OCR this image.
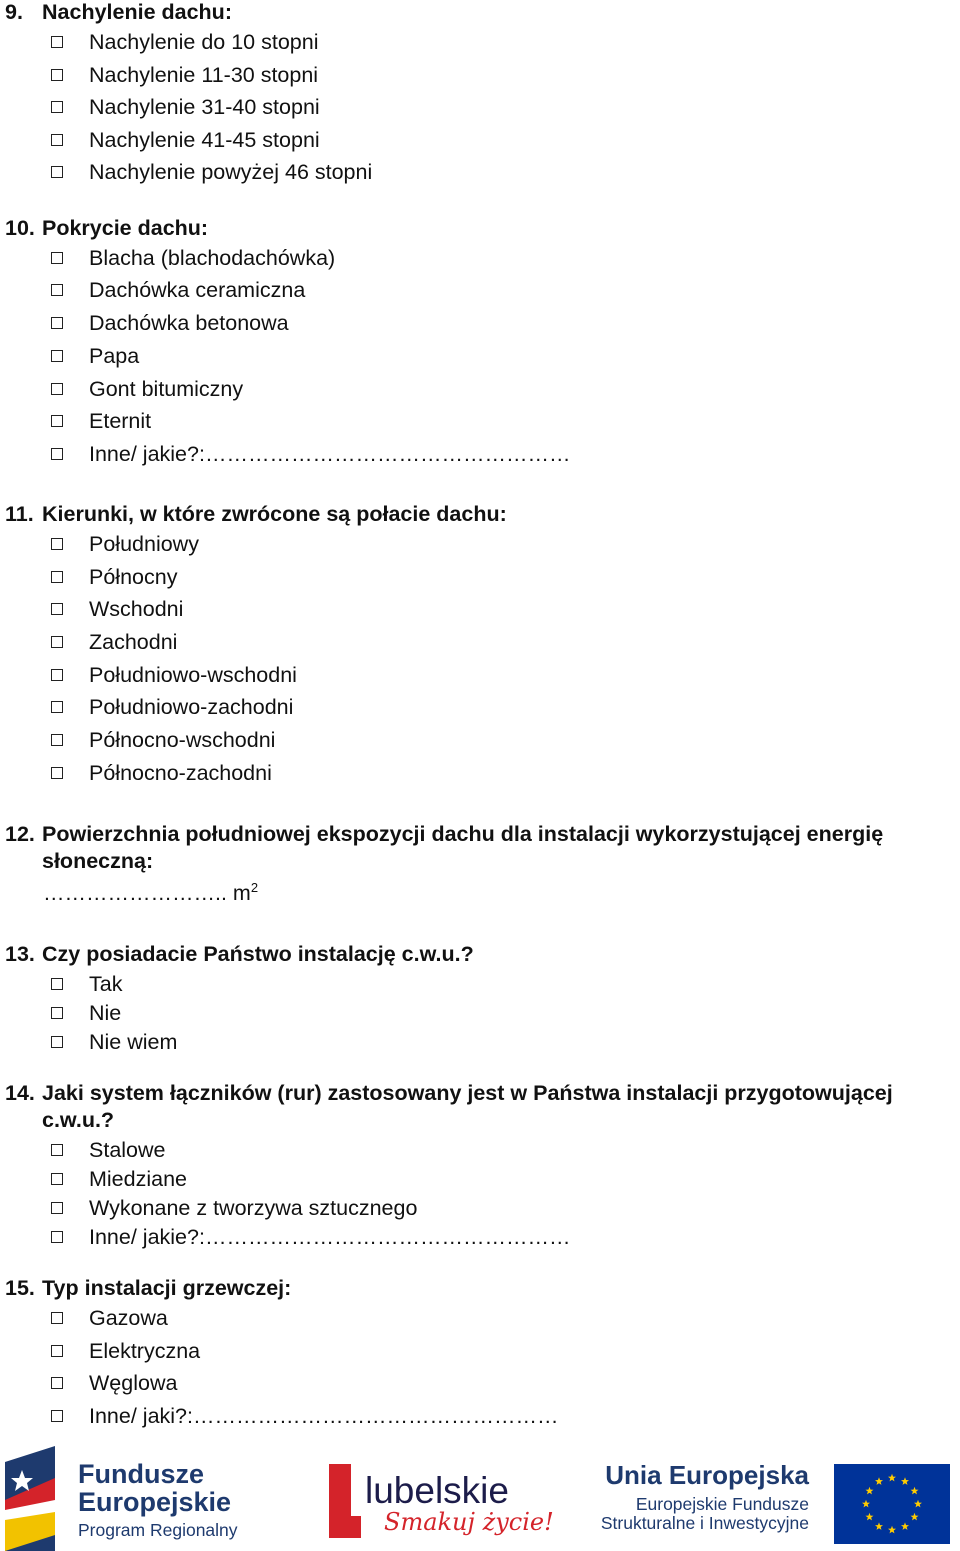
9. Nachylenie dachu:
Nachylenie do 10 stopni
Nachylenie 11-30 stopni
Nachylenie 31-40 stopni
Nachylenie 41-45 stopni
Nachylenie powyżej 46 stopni
10. Pokrycie dachu:
Blacha (blachodachówka)
Dachówka ceramiczna
Dachówka betonowa
Papa
Gont bitumiczny
Eternit
Inne/ jakie?:……………………………………………
11. Kierunki, w które zwrócone są połacie dachu:
Południowy
Północny
Wschodni
Zachodni
Południowo-wschodni
Południowo-zachodni
Północno-wschodni
Północno-zachodni
12. Powierzchnia południowej ekspozycji dachu dla instalacji wykorzystującej energię słoneczną:
…………………….. $m^2$
13. Czy posiadacie Państwo instalację c.w.u.?
Tak
Nie
Nie wiem
14. Jaki system łączników (rur) zastosowany jest w Państwa instalacji przygotowującej c.w.u.?
Stalowe
Miedziane
Wykonane z tworzywa sztucznego
Inne/ jakie?:……………………………………………
15. Typ instalacji grzewczej:
Gazowa
Elektryczna
Węglowa
Inne/ jaki?:……………………………………………
Fundusze
Europejskie
Program Regionalny
lubelskie
Smakuj życie!
Unia Europejska
Europejskie Fundusze
Strukturalne i Inwestycyjne
